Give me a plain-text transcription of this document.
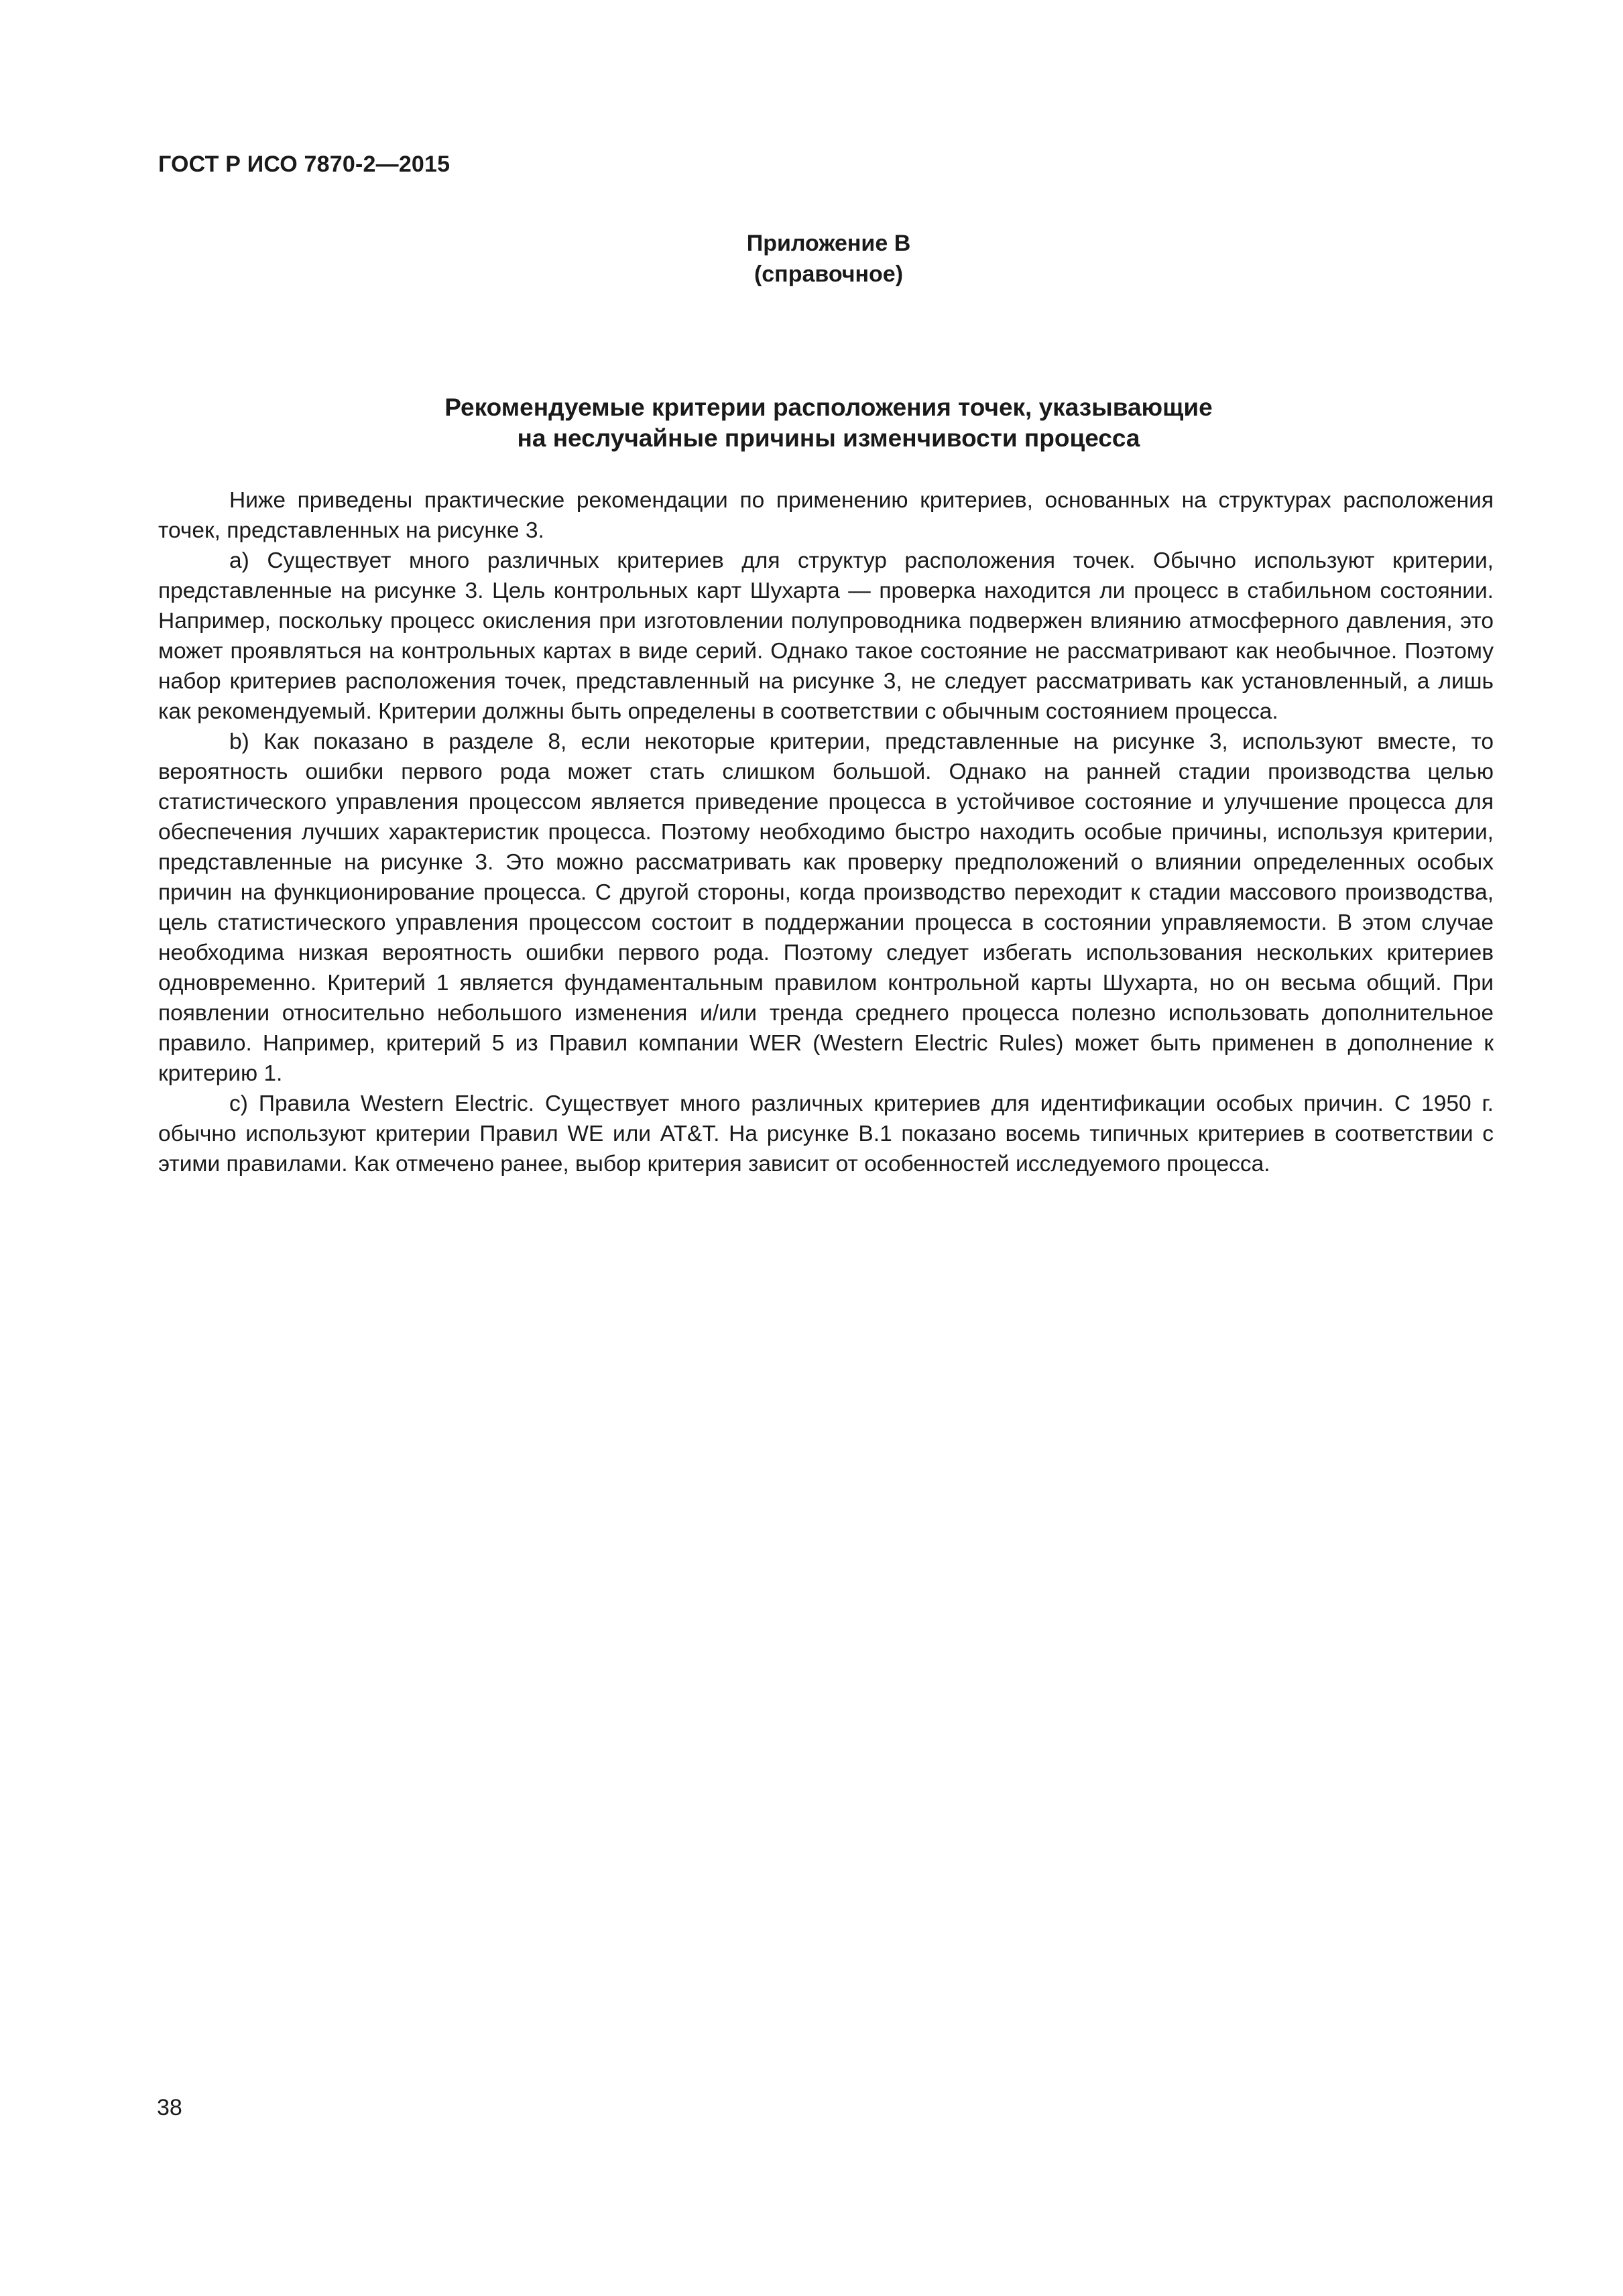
ГОСТ Р ИСО 7870-2—2015
Приложение В
(справочное)
Рекомендуемые критерии расположения точек, указывающие
на неслучайные причины изменчивости процесса

Ниже приведены практические рекомендации по применению критериев, основанных на структурах расположения точек, представленных на рисунке 3.

a) Существует много различных критериев для структур расположения точек. Обычно используют критерии, представленные на рисунке 3. Цель контрольных карт Шухарта — проверка находится ли процесс в стабильном состоянии. Например, поскольку процесс окисления при изготовлении полупроводника подвержен влиянию атмосферного давления, это может проявляться на контрольных картах в виде серий. Однако такое состояние не рассматривают как необычное. Поэтому набор критериев расположения точек, представленный на рисунке 3, не следует рассматривать как установленный, а лишь как рекомендуемый. Критерии должны быть определены в соответствии с обычным состоянием процесса.

b) Как показано в разделе 8, если некоторые критерии, представленные на рисунке 3, используют вместе, то вероятность ошибки первого рода может стать слишком большой. Однако на ранней стадии производства целью статистического управления процессом является приведение процесса в устойчивое состояние и улучшение процесса для обеспечения лучших характеристик процесса. Поэтому необходимо быстро находить особые причины, используя критерии, представленные на рисунке 3. Это можно рассматривать как проверку предположений о влиянии определенных особых причин на функционирование процесса. С другой стороны, когда производство переходит к стадии массового производства, цель статистического управления процессом состоит в поддержании процесса в состоянии управляемости. В этом случае необходима низкая вероятность ошибки первого рода. Поэтому следует избегать использования нескольких критериев одновременно. Критерий 1 является фундаментальным правилом контрольной карты Шухарта, но он весьма общий. При появлении относительно небольшого изменения и/или тренда среднего процесса полезно использовать дополнительное правило. Например, критерий 5 из Правил компании WER (Western Electric Rules) может быть применен в дополнение к критерию 1.

c) Правила Western Electric. Существует много различных критериев для идентификации особых причин. С 1950 г. обычно используют критерии Правил WE или AT&T. На рисунке В.1 показано восемь типичных критериев в соответствии с этими правилами. Как отмечено ранее, выбор критерия зависит от особенностей исследуемого процесса.

38
